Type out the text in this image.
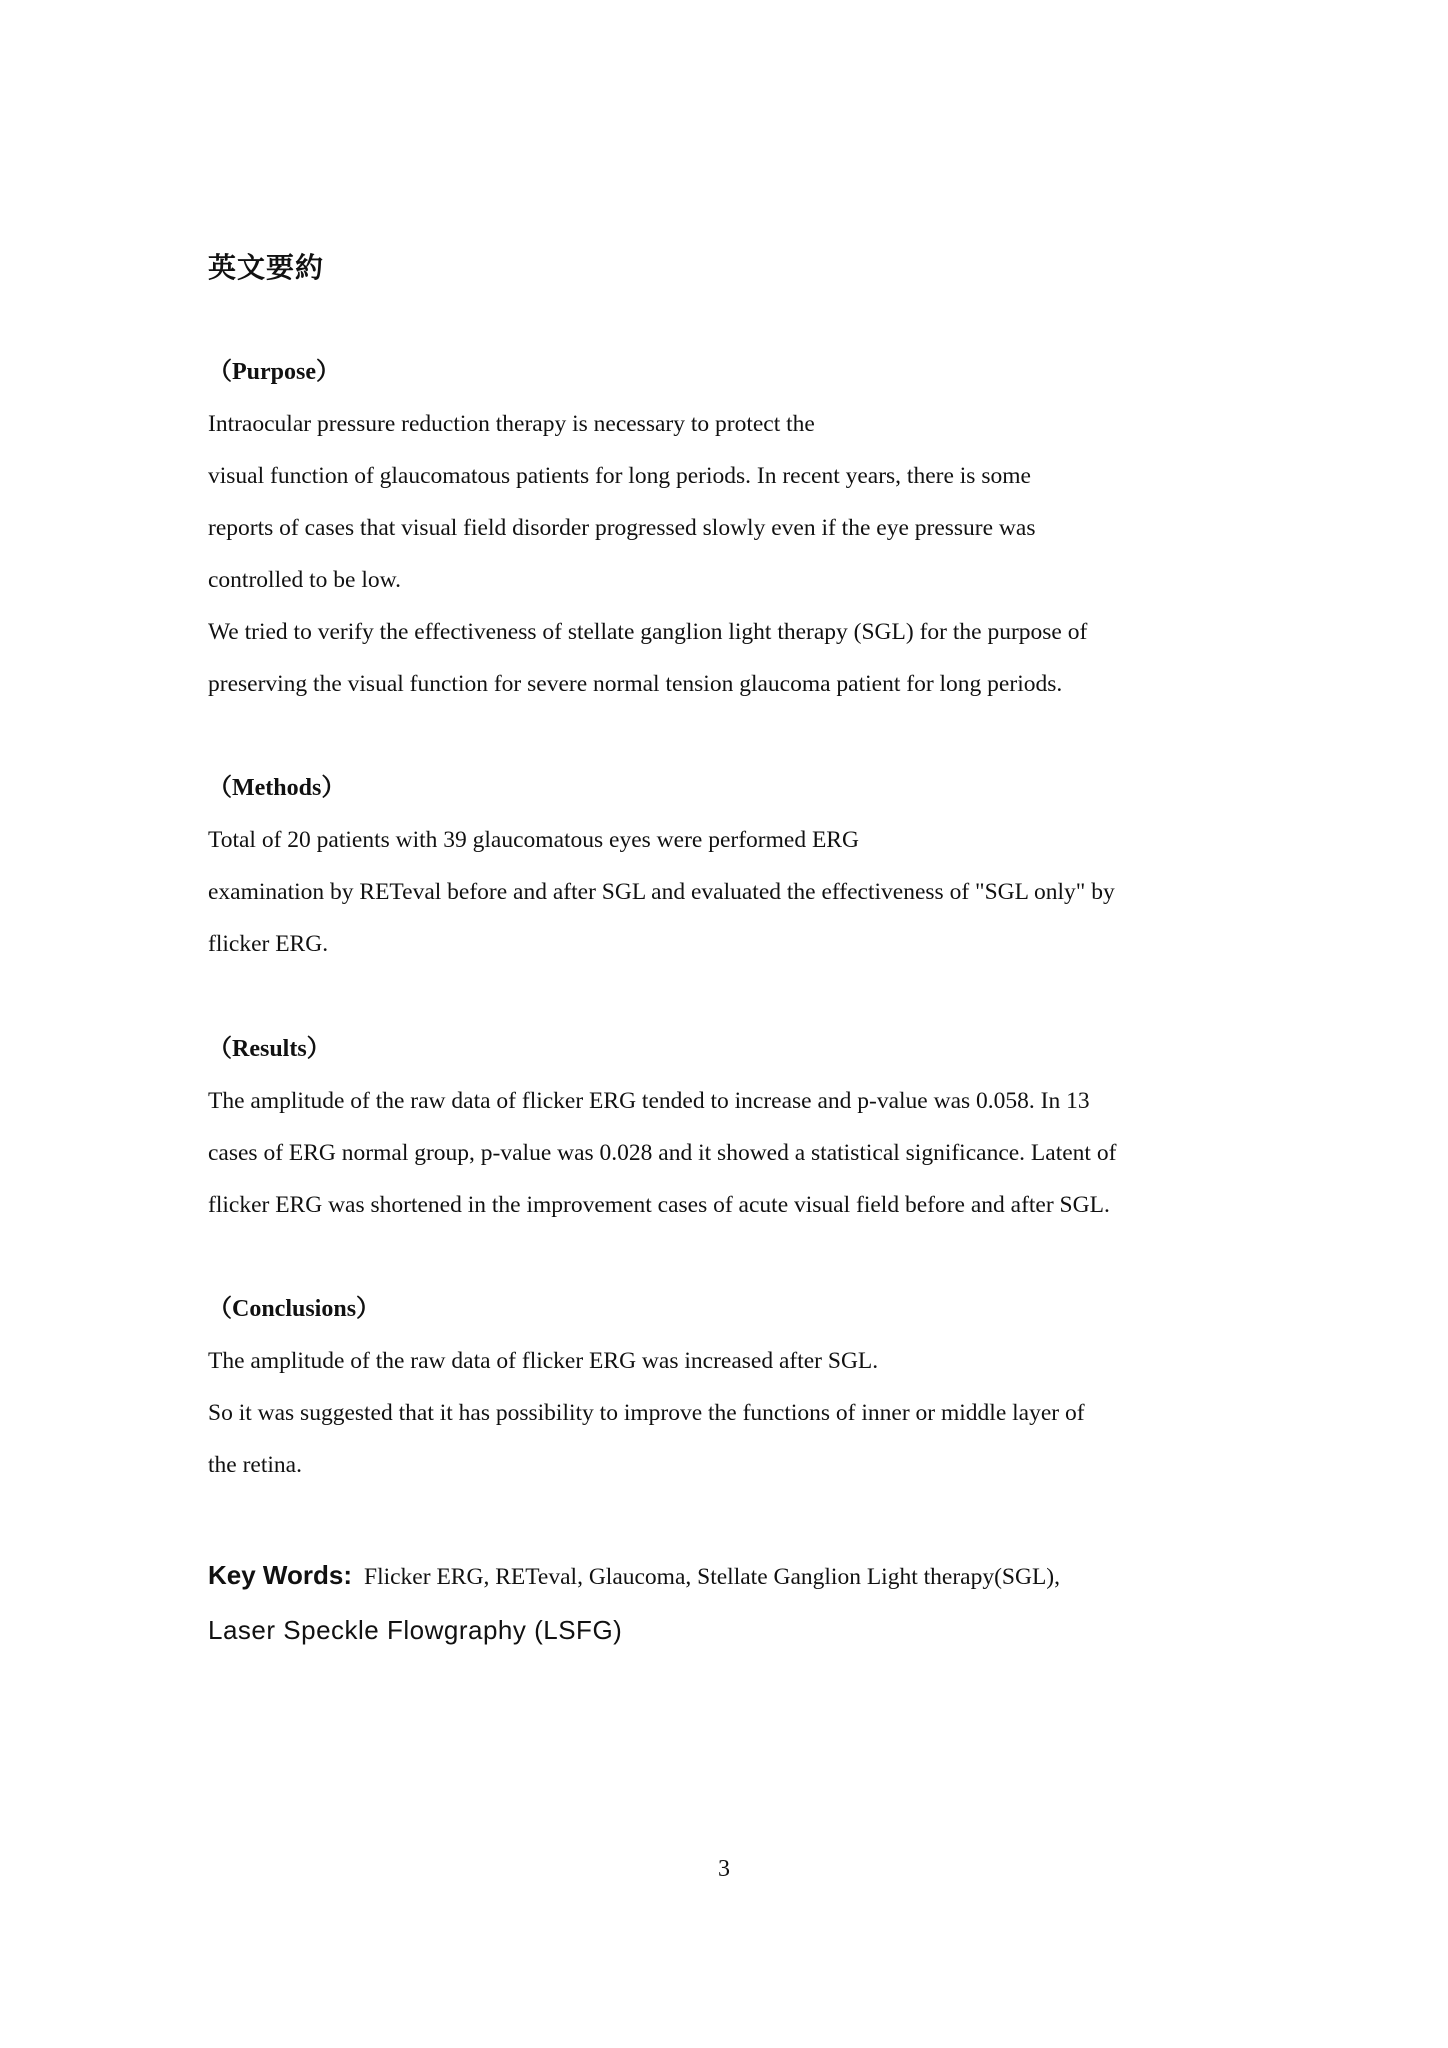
英文要約
（Purpose）
Intraocular pressure reduction therapy is necessary to protect the
visual function of glaucomatous patients for long periods. In recent years, there is some
reports of cases that visual field disorder progressed slowly even if the eye pressure was
controlled to be low.
We tried to verify the effectiveness of stellate ganglion light therapy (SGL) for the purpose of
preserving the visual function for severe normal tension glaucoma patient for long periods.
（Methods）
Total of 20 patients with 39 glaucomatous eyes were performed ERG
examination by RETeval before and after SGL and evaluated the effectiveness of "SGL only" by
flicker ERG.
（Results）
The amplitude of the raw data of flicker ERG tended to increase and p-value was 0.058. In 13
cases of ERG normal group, p-value was 0.028 and it showed a statistical significance. Latent of
flicker ERG was shortened in the improvement cases of acute visual field before and after SGL.
（Conclusions）
The amplitude of the raw data of flicker ERG was increased after SGL.
So it was suggested that it has possibility to improve the functions of inner or middle layer of
the retina.
Key Words: Flicker ERG, RETeval, Glaucoma, Stellate Ganglion Light therapy(SGL),
Laser Speckle Flowgraphy (LSFG)
3
